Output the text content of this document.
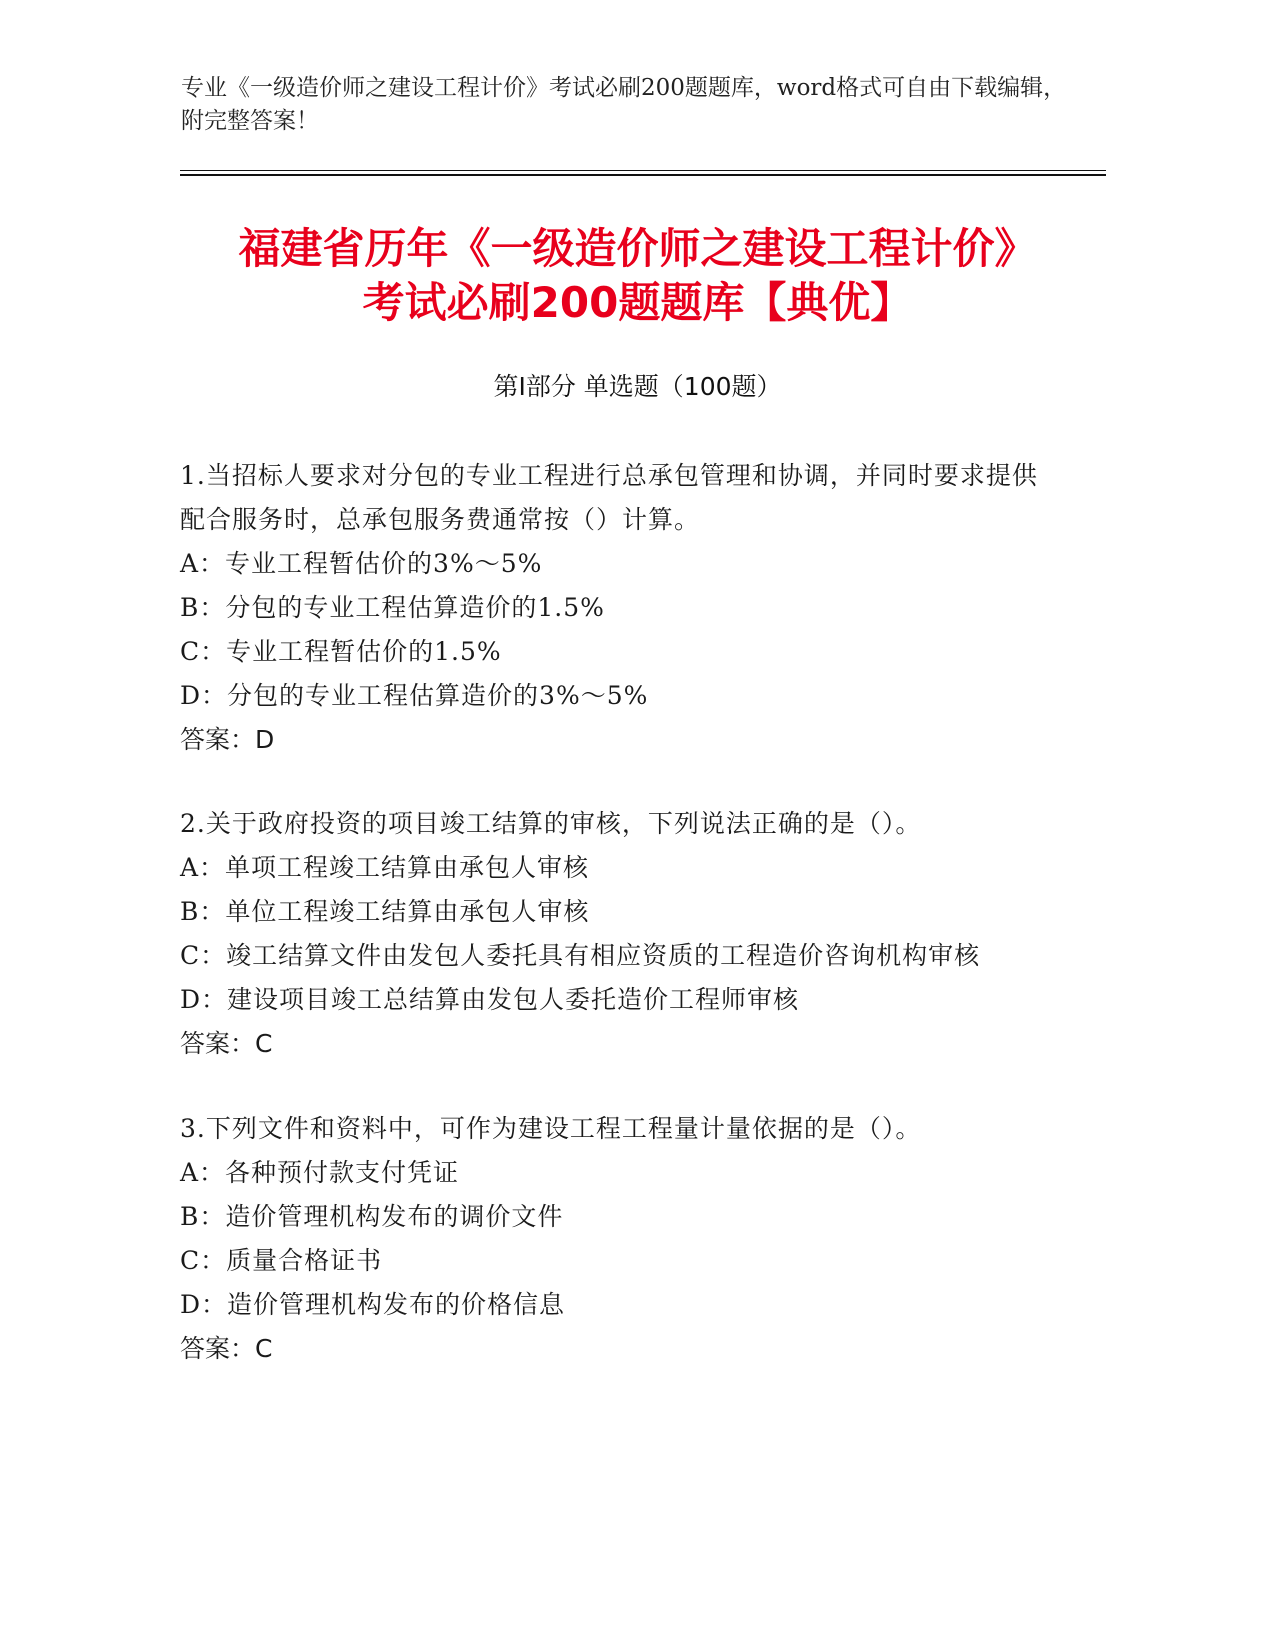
专业《一级造价师之建设工程计价》考试必刷200题题库，word格式可自由下载编辑，附完整答案！
福建省历年《一级造价师之建设工程计价》
考试必刷200题题库【典优】
第Ⅰ部分 单选题（100题）
1.当招标人要求对分包的专业工程进行总承包管理和协调，并同时要求提供配合服务时，总承包服务费通常按（）计算。
A：专业工程暂估价的3%～5%
B：分包的专业工程估算造价的1.5%
C：专业工程暂估价的1.5%
D：分包的专业工程估算造价的3%～5%
答案：D
2.关于政府投资的项目竣工结算的审核，下列说法正确的是（）。
A：单项工程竣工结算由承包人审核
B：单位工程竣工结算由承包人审核
C：竣工结算文件由发包人委托具有相应资质的工程造价咨询机构审核
D：建设项目竣工总结算由发包人委托造价工程师审核
答案：C
3.下列文件和资料中，可作为建设工程工程量计量依据的是（）。
A：各种预付款支付凭证
B：造价管理机构发布的调价文件
C：质量合格证书
D：造价管理机构发布的价格信息
答案：C
